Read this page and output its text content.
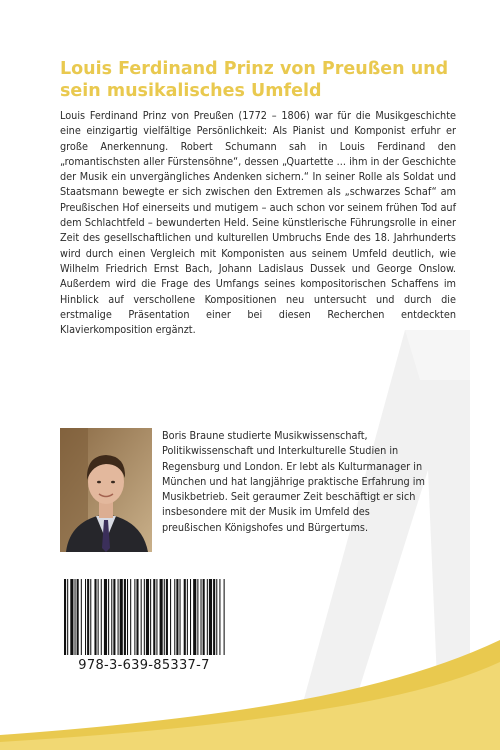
Louis Ferdinand Prinz von Preußen und sein musikalisches Umfeld

Louis Ferdinand Prinz von Preußen (1772 – 1806) war für die Musikgeschichte eine einzigartig vielfältige Persönlichkeit: Als Pianist und Komponist erfuhr er große Anerkennung. Robert Schumann sah in Louis Ferdinand den „romantischsten aller Fürstensöhne“, dessen „Quartette ... ihm in der Geschichte der Musik ein unvergängliches Andenken sichern.“ In seiner Rolle als Soldat und Staatsmann bewegte er sich zwischen den Extremen als „schwarzes Schaf“ am Preußischen Hof einerseits und mutigem – auch schon vor seinem frühen Tod auf dem Schlachtfeld – bewunderten Held. Seine künstlerische Führungsrolle in einer Zeit des gesellschaftlichen und kulturellen Umbruchs Ende des 18. Jahrhunderts wird durch einen Vergleich mit Komponisten aus seinem Umfeld deutlich, wie Wilhelm Friedrich Ernst Bach, Johann Ladislaus Dussek und George Onslow. Außerdem wird die Frage des Umfangs seines kompositorischen Schaffens im Hinblick auf verschollene Kompositionen neu untersucht und durch die erstmalige Präsentation einer bei diesen Recherchen entdeckten Klavierkomposition ergänzt.

Boris Braune studierte Musikwissenschaft, Politikwissenschaft und Interkulturelle Studien in Regensburg und London. Er lebt als Kulturmanager in München und hat langjährige praktische Erfahrung im Musikbetrieb. Seit geraumer Zeit beschäftigt er sich insbesondere mit der Musik im Umfeld des preußischen Königshofes und Bürgertums.

978-3-639-85337-7
